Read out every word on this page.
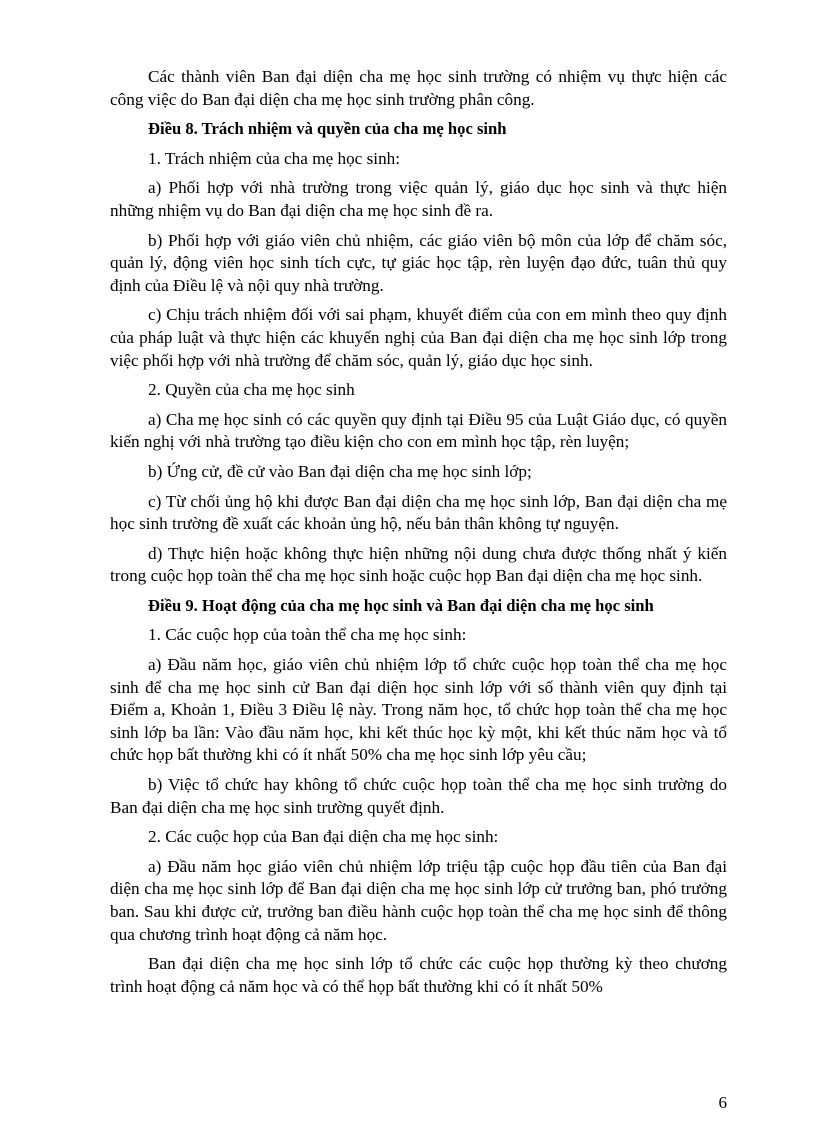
Các thành viên Ban đại diện cha mẹ học sinh trường có nhiệm vụ thực hiện các công việc do Ban đại diện cha mẹ học sinh trường phân công.

Điều 8. Trách nhiệm và quyền của cha mẹ học sinh

1. Trách nhiệm của cha mẹ học sinh:

a) Phối hợp với nhà trường trong việc quản lý, giáo dục học sinh và thực hiện những nhiệm vụ do Ban đại diện cha mẹ học sinh đề ra.

b) Phối hợp với giáo viên chủ nhiệm, các giáo viên bộ môn của lớp để chăm sóc, quản lý, động viên học sinh tích cực, tự giác học tập, rèn luyện đạo đức, tuân thủ quy định của Điều lệ và nội quy nhà trường.

c) Chịu trách nhiệm đối với sai phạm, khuyết điểm của con em mình theo quy định của pháp luật và thực hiện các khuyến nghị của Ban đại diện cha mẹ học sinh lớp trong việc phối hợp với nhà trường để chăm sóc, quản lý, giáo dục học sinh.

2. Quyền của cha mẹ học sinh

a) Cha mẹ học sinh có các quyền quy định tại Điều 95 của Luật Giáo dục, có quyền kiến nghị với nhà trường tạo điều kiện cho con em mình học tập, rèn luyện;

b) Ứng cử, đề cử vào Ban đại diện cha mẹ học sinh lớp;

c) Từ chối ủng hộ khi được Ban đại diện cha mẹ học sinh lớp, Ban đại diện cha mẹ học sinh trường đề xuất các khoản ủng hộ, nếu bản thân không tự nguyện.

d) Thực hiện hoặc không thực hiện những nội dung chưa được thống nhất ý kiến trong cuộc họp toàn thể cha mẹ học sinh hoặc cuộc họp Ban đại diện cha mẹ học sinh.

Điều 9. Hoạt động của cha mẹ học sinh và Ban đại diện cha mẹ học sinh

1. Các cuộc họp của toàn thể cha mẹ học sinh:

a) Đầu năm học, giáo viên chủ nhiệm lớp tổ chức cuộc họp toàn thể cha mẹ học sinh để cha mẹ học sinh cử Ban đại diện học sinh lớp với số thành viên quy định tại Điểm a, Khoản 1, Điều 3 Điều lệ này. Trong năm học, tổ chức họp toàn thể cha mẹ học sinh lớp ba lần: Vào đầu năm học, khi kết thúc học kỳ một, khi kết thúc năm học và tổ chức họp bất thường khi có ít nhất 50% cha mẹ học sinh lớp yêu cầu;

b) Việc tổ chức hay không tổ chức cuộc họp toàn thể cha mẹ học sinh trường do Ban đại diện cha mẹ học sinh trường quyết định.

2. Các cuộc họp của Ban đại diện cha mẹ học sinh:

a) Đầu năm học giáo viên chủ nhiệm lớp triệu tập cuộc họp đầu tiên của Ban đại diện cha mẹ học sinh lớp để Ban đại diện cha mẹ học sinh lớp cử trưởng ban, phó trưởng ban. Sau khi được cử, trưởng ban điều hành cuộc họp toàn thể cha mẹ học sinh để thông qua chương trình hoạt động cả năm học.

Ban đại diện cha mẹ học sinh lớp tổ chức các cuộc họp thường kỳ theo chương trình hoạt động cả năm học và có thể họp bất thường khi có ít nhất 50%

6
